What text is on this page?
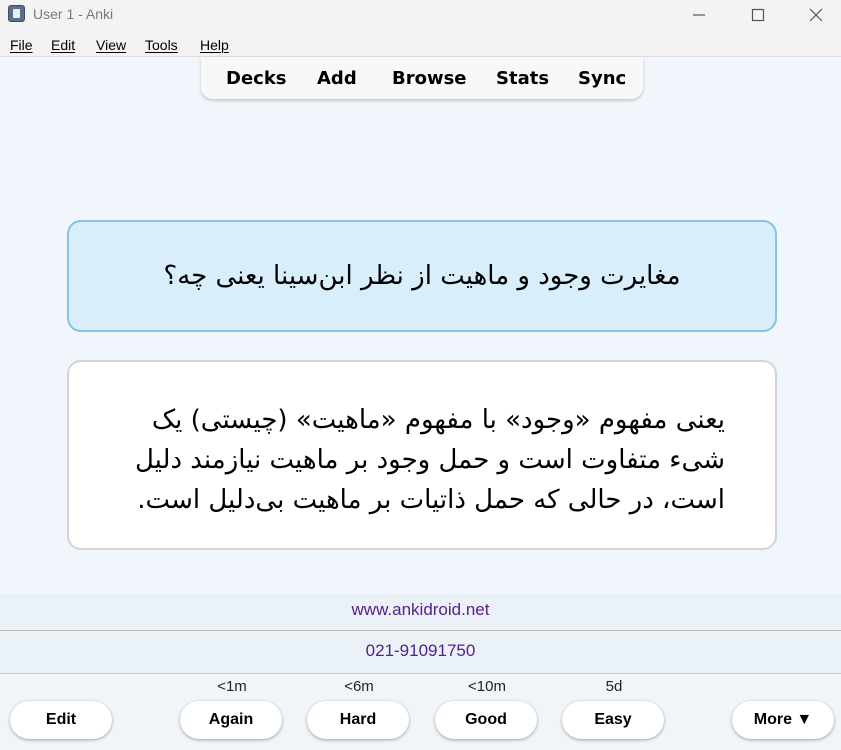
User 1 - Anki
File Edit View Tools Help
Decks Add Browse Stats Sync
مغایرت وجود و ماهیت از نظر ابن‌سینا یعنی چه؟
یعنی مفهوم «وجود» با مفهوم «ماهیت» (چیستی) یک شیء متفاوت است و حمل وجود بر ماهیت نیازمند دلیل است، در حالی که حمل ذاتیات بر ماهیت بی‌دلیل است.
www.ankidroid.net
021-91091750
<1m	<6m	<10m	5d
Edit	Again	Hard	Good	Easy	More ▼
